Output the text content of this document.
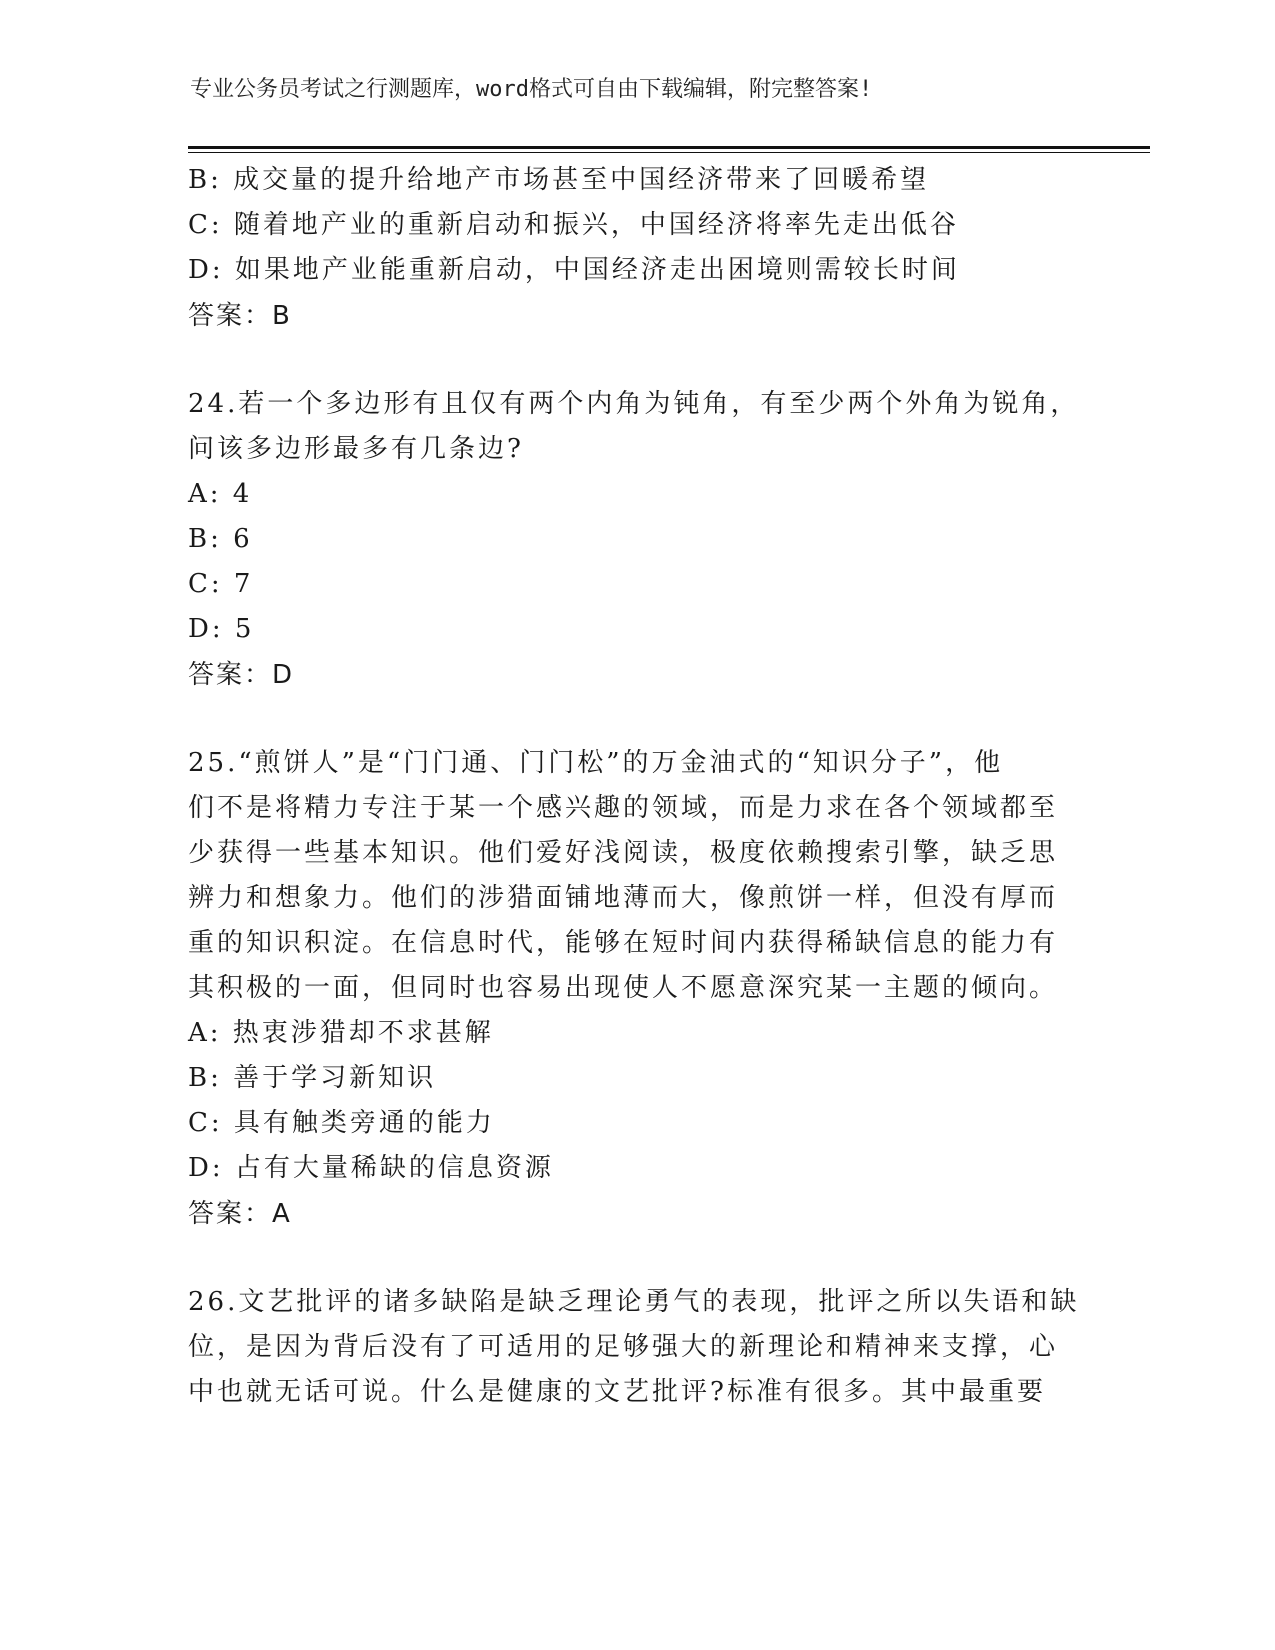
专业公务员考试之行测题库，word格式可自由下载编辑，附完整答案!
B: 成交量的提升给地产市场甚至中国经济带来了回暖希望
C: 随着地产业的重新启动和振兴，中国经济将率先走出低谷
D: 如果地产业能重新启动，中国经济走出困境则需较长时间
答案：B
24.若一个多边形有且仅有两个内角为钝角，有至少两个外角为锐角，
问该多边形最多有几条边?
A: 4
B: 6
C: 7
D: 5
答案：D
25.“煎饼人”是“门门通、门门松”的万金油式的“知识分子”，他
们不是将精力专注于某一个感兴趣的领域，而是力求在各个领域都至
少获得一些基本知识。他们爱好浅阅读，极度依赖搜索引擎，缺乏思
辨力和想象力。他们的涉猎面铺地薄而大，像煎饼一样，但没有厚而
重的知识积淀。在信息时代，能够在短时间内获得稀缺信息的能力有
其积极的一面，但同时也容易出现使人不愿意深究某一主题的倾向。
A: 热衷涉猎却不求甚解
B: 善于学习新知识
C: 具有触类旁通的能力
D: 占有大量稀缺的信息资源
答案：A
26.文艺批评的诸多缺陷是缺乏理论勇气的表现，批评之所以失语和缺
位，是因为背后没有了可适用的足够强大的新理论和精神来支撑，心
中也就无话可说。什么是健康的文艺批评?标准有很多。其中最重要
